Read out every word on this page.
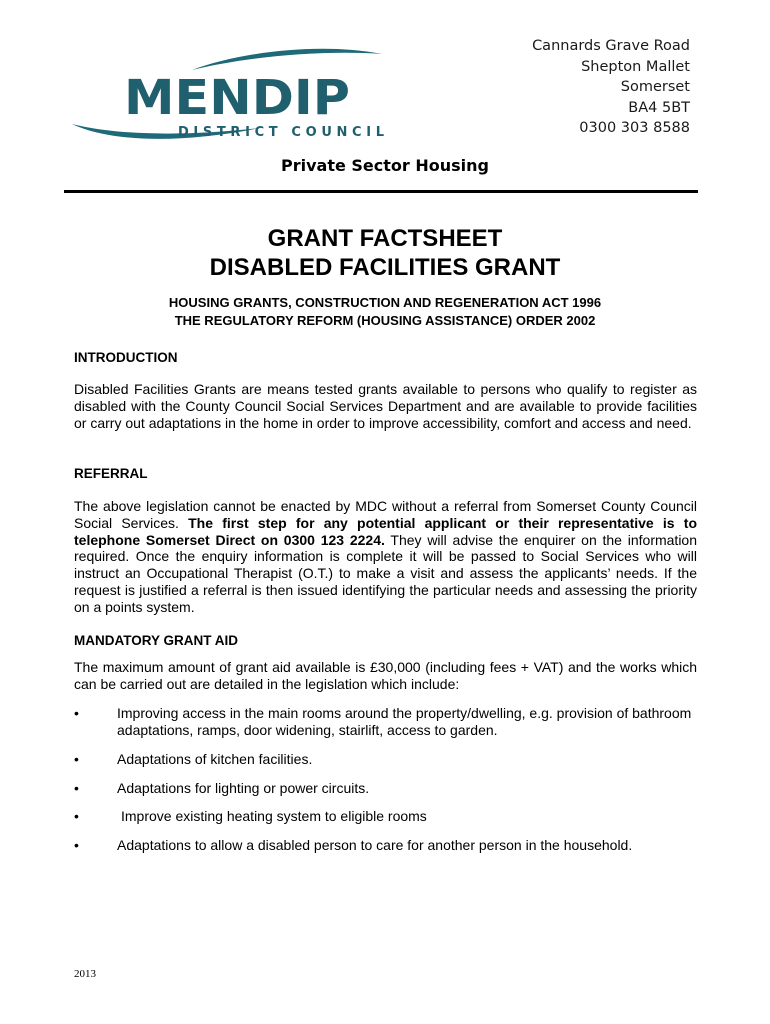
MENDIP
DISTRICT COUNCIL
Cannards Grave Road
Shepton Mallet
Somerset
BA4 5BT
0300 303 8588
Private Sector Housing
GRANT FACTSHEET
DISABLED FACILITIES GRANT
HOUSING GRANTS, CONSTRUCTION AND REGENERATION ACT 1996
THE REGULATORY REFORM (HOUSING ASSISTANCE) ORDER 2002
INTRODUCTION
Disabled Facilities Grants are means tested grants available to persons who qualify to register as disabled with the County Council Social Services Department and are available to provide facilities or carry out adaptations in the home in order to improve accessibility, comfort and access and need.
REFERRAL
The above legislation cannot be enacted by MDC without a referral from Somerset County Council Social Services. The first step for any potential applicant or their representative is to telephone Somerset Direct on 0300 123 2224. They will advise the enquirer on the information required. Once the enquiry information is complete it will be passed to Social Services who will instruct an Occupational Therapist (O.T.) to make a visit and assess the applicants’ needs. If the request is justified a referral is then issued identifying the particular needs and assessing the priority on a points system.
MANDATORY GRANT AID
The maximum amount of grant aid available is £30,000 (including fees + VAT) and the works which can be carried out are detailed in the legislation which include:
•	Improving access in the main rooms around the property/dwelling, e.g. provision of bathroom adaptations, ramps, door widening, stairlift, access to garden.
•	Adaptations of kitchen facilities.
•	Adaptations for lighting or power circuits.
•	Improve existing heating system to eligible rooms
•	Adaptations to allow a disabled person to care for another person in the household.
2013
